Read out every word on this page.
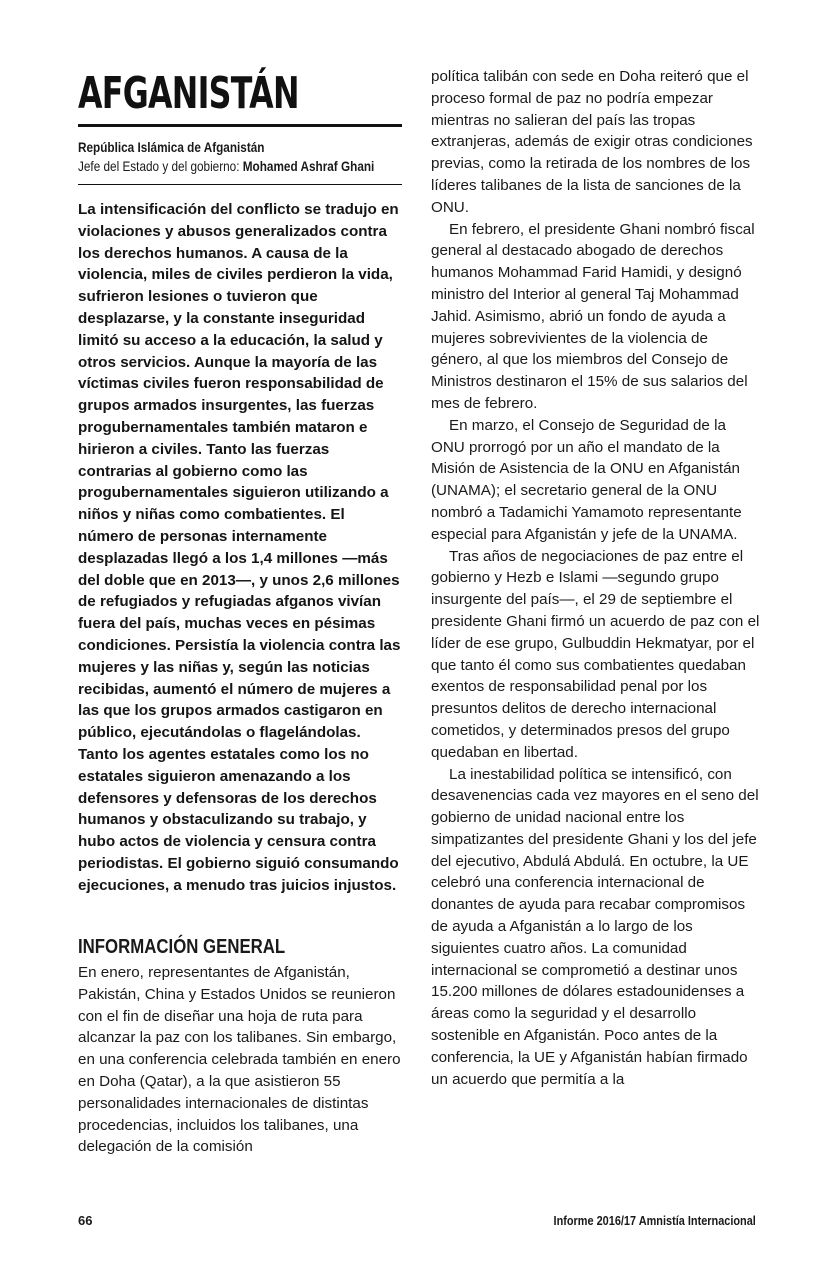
AFGANISTÁN
República Islámica de Afganistán
Jefe del Estado y del gobierno: Mohamed Ashraf Ghani

La intensificación del conflicto se tradujo en violaciones y abusos generalizados contra los derechos humanos. A causa de la violencia, miles de civiles perdieron la vida, sufrieron lesiones o tuvieron que desplazarse, y la constante inseguridad limitó su acceso a la educación, la salud y otros servicios. Aunque la mayoría de las víctimas civiles fueron responsabilidad de grupos armados insurgentes, las fuerzas progubernamentales también mataron e hirieron a civiles. Tanto las fuerzas contrarias al gobierno como las progubernamentales siguieron utilizando a niños y niñas como combatientes. El número de personas internamente desplazadas llegó a los 1,4 millones —más del doble que en 2013—, y unos 2,6 millones de refugiados y refugiadas afganos vivían fuera del país, muchas veces en pésimas condiciones. Persistía la violencia contra las mujeres y las niñas y, según las noticias recibidas, aumentó el número de mujeres a las que los grupos armados castigaron en público, ejecutándolas o flagelándolas. Tanto los agentes estatales como los no estatales siguieron amenazando a los defensores y defensoras de los derechos humanos y obstaculizando su trabajo, y hubo actos de violencia y censura contra periodistas. El gobierno siguió consumando ejecuciones, a menudo tras juicios injustos.

INFORMACIÓN GENERAL

En enero, representantes de Afganistán, Pakistán, China y Estados Unidos se reunieron con el fin de diseñar una hoja de ruta para alcanzar la paz con los talibanes. Sin embargo, en una conferencia celebrada también en enero en Doha (Qatar), a la que asistieron 55 personalidades internacionales de distintas procedencias, incluidos los talibanes, una delegación de la comisión

política talibán con sede en Doha reiteró que el proceso formal de paz no podría empezar mientras no salieran del país las tropas extranjeras, además de exigir otras condiciones previas, como la retirada de los nombres de los líderes talibanes de la lista de sanciones de la ONU.

En febrero, el presidente Ghani nombró fiscal general al destacado abogado de derechos humanos Mohammad Farid Hamidi, y designó ministro del Interior al general Taj Mohammad Jahid. Asimismo, abrió un fondo de ayuda a mujeres sobrevivientes de la violencia de género, al que los miembros del Consejo de Ministros destinaron el 15% de sus salarios del mes de febrero.

En marzo, el Consejo de Seguridad de la ONU prorrogó por un año el mandato de la Misión de Asistencia de la ONU en Afganistán (UNAMA); el secretario general de la ONU nombró a Tadamichi Yamamoto representante especial para Afganistán y jefe de la UNAMA.

Tras años de negociaciones de paz entre el gobierno y Hezb e Islami —segundo grupo insurgente del país—, el 29 de septiembre el presidente Ghani firmó un acuerdo de paz con el líder de ese grupo, Gulbuddin Hekmatyar, por el que tanto él como sus combatientes quedaban exentos de responsabilidad penal por los presuntos delitos de derecho internacional cometidos, y determinados presos del grupo quedaban en libertad.

La inestabilidad política se intensificó, con desavenencias cada vez mayores en el seno del gobierno de unidad nacional entre los simpatizantes del presidente Ghani y los del jefe del ejecutivo, Abdulá Abdulá. En octubre, la UE celebró una conferencia internacional de donantes de ayuda para recabar compromisos de ayuda a Afganistán a lo largo de los siguientes cuatro años. La comunidad internacional se comprometió a destinar unos 15.200 millones de dólares estadounidenses a áreas como la seguridad y el desarrollo sostenible en Afganistán. Poco antes de la conferencia, la UE y Afganistán habían firmado un acuerdo que permitía a la

66	Informe 2016/17 Amnistía Internacional
